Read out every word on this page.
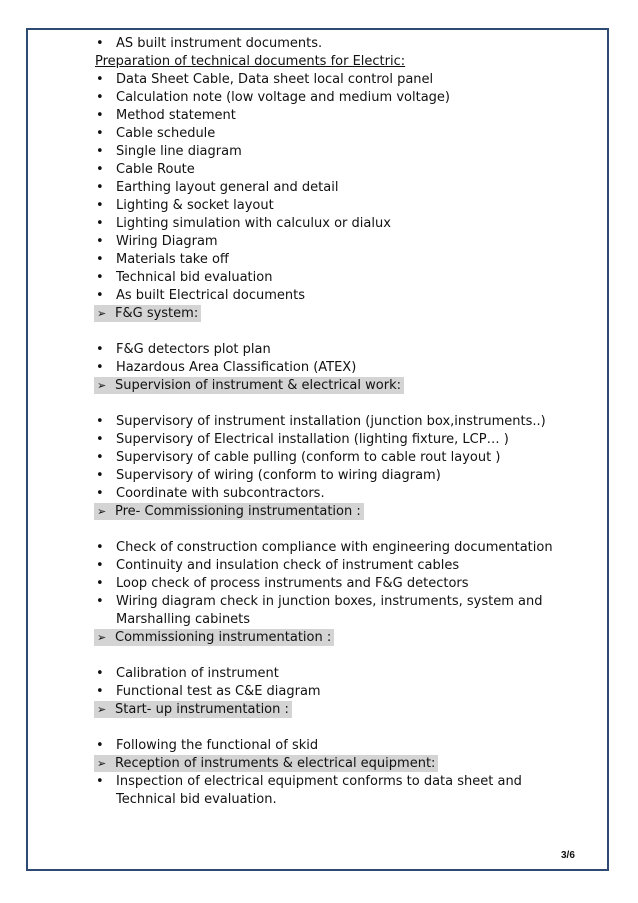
• AS built instrument documents.
Preparation of technical documents for Electric:
• Data Sheet Cable, Data sheet local control panel
• Calculation note (low voltage and medium voltage)
• Method statement
• Cable schedule
• Single line diagram
• Cable Route
• Earthing layout general and detail
• Lighting & socket layout
• Lighting simulation with calculux or dialux
• Wiring Diagram
• Materials take off
• Technical bid evaluation
• As built Electrical documents
➢ F&G system:
• F&G detectors plot plan
• Hazardous Area Classification (ATEX)
➢ Supervision of instrument & electrical work:
• Supervisory of instrument installation (junction box,instruments..)
• Supervisory of Electrical installation (lighting fixture, LCP… )
• Supervisory of cable pulling (conform to cable rout layout )
• Supervisory of wiring (conform to wiring diagram)
• Coordinate with subcontractors.
➢ Pre- Commissioning instrumentation :
• Check of construction compliance with engineering documentation
• Continuity and insulation check of instrument cables
• Loop check of process instruments and F&G detectors
• Wiring diagram check in junction boxes, instruments, system and Marshalling cabinets
➢ Commissioning instrumentation :
• Calibration of instrument
• Functional test as C&E diagram
➢ Start- up instrumentation :
• Following the functional of skid
➢ Reception of instruments & electrical equipment:
• Inspection of electrical equipment conforms to data sheet and Technical bid evaluation.
3/6
